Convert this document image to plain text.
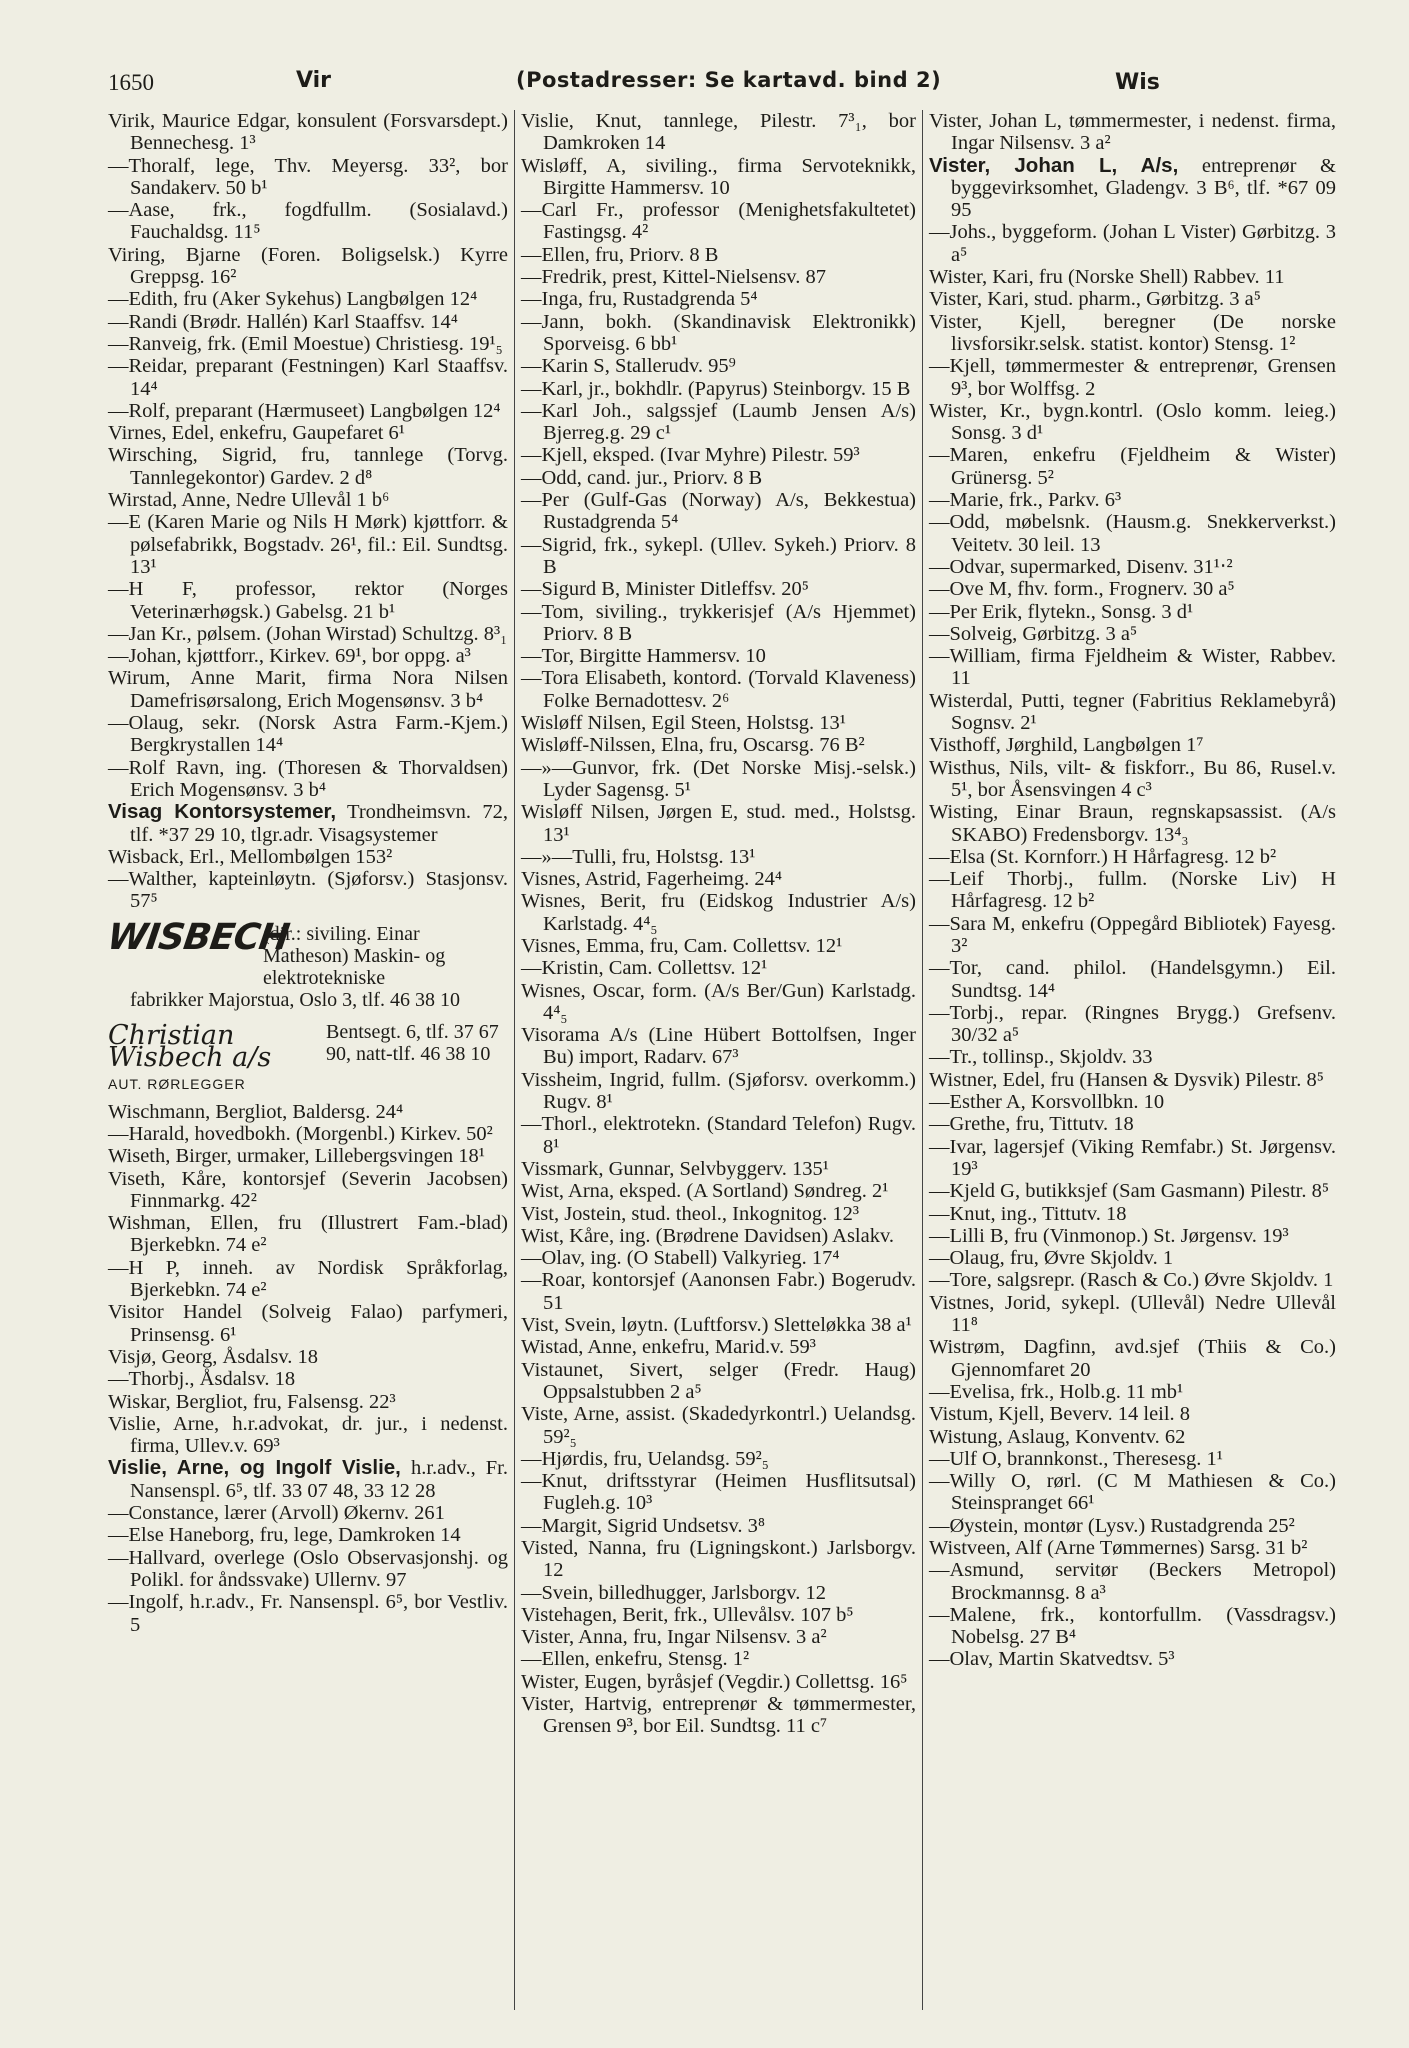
1650	Vir	(Postadresser: Se kartavd. bind 2)	Wis

Virik, Maurice Edgar, konsulent (Forsvarsdept.) Bennechesg. 1³

—Thoralf, lege, Thv. Meyersg. 33², bor Sandakerv. 50 b¹

—Aase, frk., fogdfullm. (Sosialavd.) Fauchaldsg. 11⁵

Viring, Bjarne (Foren. Boligselsk.) Kyrre Greppsg. 16²

—Edith, fru (Aker Sykehus) Langbølgen 12⁴

—Randi (Brødr. Hallén) Karl Staaffsv. 14⁴

—Ranveig, frk. (Emil Moestue) Christiesg. 19¹₅

—Reidar, preparant (Festningen) Karl Staaffsv. 14⁴

—Rolf, preparant (Hærmuseet) Langbølgen 12⁴

Virnes, Edel, enkefru, Gaupefaret 6¹

Wirsching, Sigrid, fru, tannlege (Torvg. Tannlegekontor) Gardev. 2 d⁸

Wirstad, Anne, Nedre Ullevål 1 b⁶

—E (Karen Marie og Nils H Mørk) kjøttforr. & pølsefabrikk, Bogstadv. 26¹, fil.: Eil. Sundtsg. 13¹

—H F, professor, rektor (Norges Veterinærhøgsk.) Gabelsg. 21 b¹

—Jan Kr., pølsem. (Johan Wirstad) Schultzg. 8³₁

—Johan, kjøttforr., Kirkev. 69¹, bor oppg. a³

Wirum, Anne Marit, firma Nora Nilsen Damefrisørsalong, Erich Mogensønsv. 3 b⁴

—Olaug, sekr. (Norsk Astra Farm.-Kjem.) Bergkrystallen 14⁴

—Rolf Ravn, ing. (Thoresen & Thorvaldsen) Erich Mogensønsv. 3 b⁴

Visag Kontorsystemer, Trondheimsvn. 72, tlf. *37 29 10, tlgr.adr. Visagsystemer

Wisback, Erl., Mellombølgen 153²

—Walther, kapteinløytn. (Sjøforsv.) Stasjonsv. 57⁵

WISBECH
(dir.: siviling. Einar Matheson) Maskin- og elektrotekniske
fabrikker Majorstua, Oslo 3, tlf. 46 38 10
Christian Wisbech a/s
AUT. RØRLEGGER
Bentsegt. 6, tlf. 37 67 90, natt-tlf. 46 38 10

Wischmann, Bergliot, Baldersg. 24⁴

—Harald, hovedbokh. (Morgenbl.) Kirkev. 50²

Wiseth, Birger, urmaker, Lillebergsvingen 18¹

Viseth, Kåre, kontorsjef (Severin Jacobsen) Finnmarkg. 42²

Wishman, Ellen, fru (Illustrert Fam.-blad) Bjerkebkn. 74 e²

—H P, inneh. av Nordisk Språkforlag, Bjerkebkn. 74 e²

Visitor Handel (Solveig Falao) parfymeri, Prinsensg. 6¹

Visjø, Georg, Åsdalsv. 18

—Thorbj., Åsdalsv. 18

Wiskar, Bergliot, fru, Falsensg. 22³

Vislie, Arne, h.r.advokat, dr. jur., i nedenst. firma, Ullev.v. 69³

Vislie, Arne, og Ingolf Vislie, h.r.adv., Fr. Nansenspl. 6⁵, tlf. 33 07 48, 33 12 28

—Constance, lærer (Arvoll) Økernv. 261

—Else Haneborg, fru, lege, Damkroken 14

—Hallvard, overlege (Oslo Observasjonshj. og Polikl. for åndssvake) Ullernv. 97

—Ingolf, h.r.adv., Fr. Nansenspl. 6⁵, bor Vestliv. 5

Vislie, Knut, tannlege, Pilestr. 7³₁, bor Damkroken 14

Wisløff, A, siviling., firma Servoteknikk, Birgitte Hammersv. 10

—Carl Fr., professor (Menighetsfakultetet) Fastingsg. 4²

—Ellen, fru, Priorv. 8 B

—Fredrik, prest, Kittel-Nielsensv. 87

—Inga, fru, Rustadgrenda 5⁴

—Jann, bokh. (Skandinavisk Elektronikk) Sporveisg. 6 bb¹

—Karin S, Stallerudv. 95⁹

—Karl, jr., bokhdlr. (Papyrus) Steinborgv. 15 B

—Karl Joh., salgssjef (Laumb Jensen A/s) Bjerreg.g. 29 c¹

—Kjell, eksped. (Ivar Myhre) Pilestr. 59³

—Odd, cand. jur., Priorv. 8 B

—Per (Gulf-Gas (Norway) A/s, Bekkestua) Rustadgrenda 5⁴

—Sigrid, frk., sykepl. (Ullev. Sykeh.) Priorv. 8 B

—Sigurd B, Minister Ditleffsv. 20⁵

—Tom, siviling., trykkerisjef (A/s Hjemmet) Priorv. 8 B

—Tor, Birgitte Hammersv. 10

—Tora Elisabeth, kontord. (Torvald Klaveness) Folke Bernadottesv. 2⁶

Wisløff Nilsen, Egil Steen, Holstsg. 13¹

Wisløff-Nilssen, Elna, fru, Oscarsg. 76 B²

—»—Gunvor, frk. (Det Norske Misj.-selsk.) Lyder Sagensg. 5¹

Wisløff Nilsen, Jørgen E, stud. med., Holstsg. 13¹

—»—Tulli, fru, Holstsg. 13¹

Visnes, Astrid, Fagerheimg. 24⁴

Wisnes, Berit, fru (Eidskog Industrier A/s) Karlstadg. 4⁴₅

Visnes, Emma, fru, Cam. Collettsv. 12¹

—Kristin, Cam. Collettsv. 12¹

Wisnes, Oscar, form. (A/s Ber/Gun) Karlstadg. 4⁴₅

Visorama A/s (Line Hübert Bottolfsen, Inger Bu) import, Radarv. 67³

Vissheim, Ingrid, fullm. (Sjøforsv. overkomm.) Rugv. 8¹

—Thorl., elektrotekn. (Standard Telefon) Rugv. 8¹

Vissmark, Gunnar, Selvbyggerv. 135¹

Wist, Arna, eksped. (A Sortland) Søndreg. 2¹

Vist, Jostein, stud. theol., Inkognitog. 12³

Wist, Kåre, ing. (Brødrene Davidsen) Aslakv.

—Olav, ing. (O Stabell) Valkyrieg. 17⁴

—Roar, kontorsjef (Aanonsen Fabr.) Bogerudv. 51

Vist, Svein, løytn. (Luftforsv.) Sletteløkka 38 a¹

Wistad, Anne, enkefru, Marid.v. 59³

Vistaunet, Sivert, selger (Fredr. Haug) Oppsalstubben 2 a⁵

Viste, Arne, assist. (Skadedyrkontrl.) Uelandsg. 59²₅

—Hjørdis, fru, Uelandsg. 59²₅

—Knut, driftsstyrar (Heimen Husflitsutsal) Fugleh.g. 10³

—Margit, Sigrid Undsetsv. 3⁸

Visted, Nanna, fru (Ligningskont.) Jarlsborgv. 12

—Svein, billedhugger, Jarlsborgv. 12

Vistehagen, Berit, frk., Ullevålsv. 107 b⁵

Vister, Anna, fru, Ingar Nilsensv. 3 a²

—Ellen, enkefru, Stensg. 1²

Wister, Eugen, byråsjef (Vegdir.) Collettsg. 16⁵

Vister, Hartvig, entreprenør & tømmermester, Grensen 9³, bor Eil. Sundtsg. 11 c⁷

Vister, Johan L, tømmermester, i nedenst. firma, Ingar Nilsensv. 3 a²

Vister, Johan L, A/s, entreprenør & byggevirksomhet, Gladengv. 3 B⁶, tlf. *67 09 95

—Johs., byggeform. (Johan L Vister) Gørbitzg. 3 a⁵

Wister, Kari, fru (Norske Shell) Rabbev. 11

Vister, Kari, stud. pharm., Gørbitzg. 3 a⁵

Vister, Kjell, beregner (De norske livsforsikr.selsk. statist. kontor) Stensg. 1²

—Kjell, tømmermester & entreprenør, Grensen 9³, bor Wolffsg. 2

Wister, Kr., bygn.kontrl. (Oslo komm. leieg.) Sonsg. 3 d¹

—Maren, enkefru (Fjeldheim & Wister) Grünersg. 5²

—Marie, frk., Parkv. 6³

—Odd, møbelsnk. (Hausm.g. Snekkerverkst.) Veitetv. 30 leil. 13

—Odvar, supermarked, Disenv. 31¹‧²

—Ove M, fhv. form., Frognerv. 30 a⁵

—Per Erik, flytekn., Sonsg. 3 d¹

—Solveig, Gørbitzg. 3 a⁵

—William, firma Fjeldheim & Wister, Rabbev. 11

Wisterdal, Putti, tegner (Fabritius Reklamebyrå) Sognsv. 2¹

Visthoff, Jørghild, Langbølgen 1⁷

Wisthus, Nils, vilt- & fiskforr., Bu 86, Rusel.v. 5¹, bor Åsensvingen 4 c³

Wisting, Einar Braun, regnskapsassist. (A/s SKABO) Fredensborgv. 13⁴₃

—Elsa (St. Kornforr.) H Hårfagresg. 12 b²

—Leif Thorbj., fullm. (Norske Liv) H Hårfagresg. 12 b²

—Sara M, enkefru (Oppegård Bibliotek) Fayesg. 3²

—Tor, cand. philol. (Handelsgymn.) Eil. Sundtsg. 14⁴

—Torbj., repar. (Ringnes Brygg.) Grefsenv. 30/32 a⁵

—Tr., tollinsp., Skjoldv. 33

Wistner, Edel, fru (Hansen & Dysvik) Pilestr. 8⁵

—Esther A, Korsvollbkn. 10

—Grethe, fru, Tittutv. 18

—Ivar, lagersjef (Viking Remfabr.) St. Jørgensv. 19³

—Kjeld G, butikksjef (Sam Gasmann) Pilestr. 8⁵

—Knut, ing., Tittutv. 18

—Lilli B, fru (Vinmonop.) St. Jørgensv. 19³

—Olaug, fru, Øvre Skjoldv. 1

—Tore, salgsrepr. (Rasch & Co.) Øvre Skjoldv. 1

Vistnes, Jorid, sykepl. (Ullevål) Nedre Ullevål 11⁸

Wistrøm, Dagfinn, avd.sjef (Thiis & Co.) Gjennomfaret 20

—Evelisa, frk., Holb.g. 11 mb¹

Vistum, Kjell, Beverv. 14 leil. 8

Wistung, Aslaug, Konventv. 62

—Ulf O, brannkonst., Theresesg. 1¹

—Willy O, rørl. (C M Mathiesen & Co.) Steinspranget 66¹

—Øystein, montør (Lysv.) Rustadgrenda 25²

Wistveen, Alf (Arne Tømmernes) Sarsg. 31 b²

—Asmund, servitør (Beckers Metropol) Brockmannsg. 8 a³

—Malene, frk., kontorfullm. (Vassdragsv.) Nobelsg. 27 B⁴

—Olav, Martin Skatvedtsv. 5³
